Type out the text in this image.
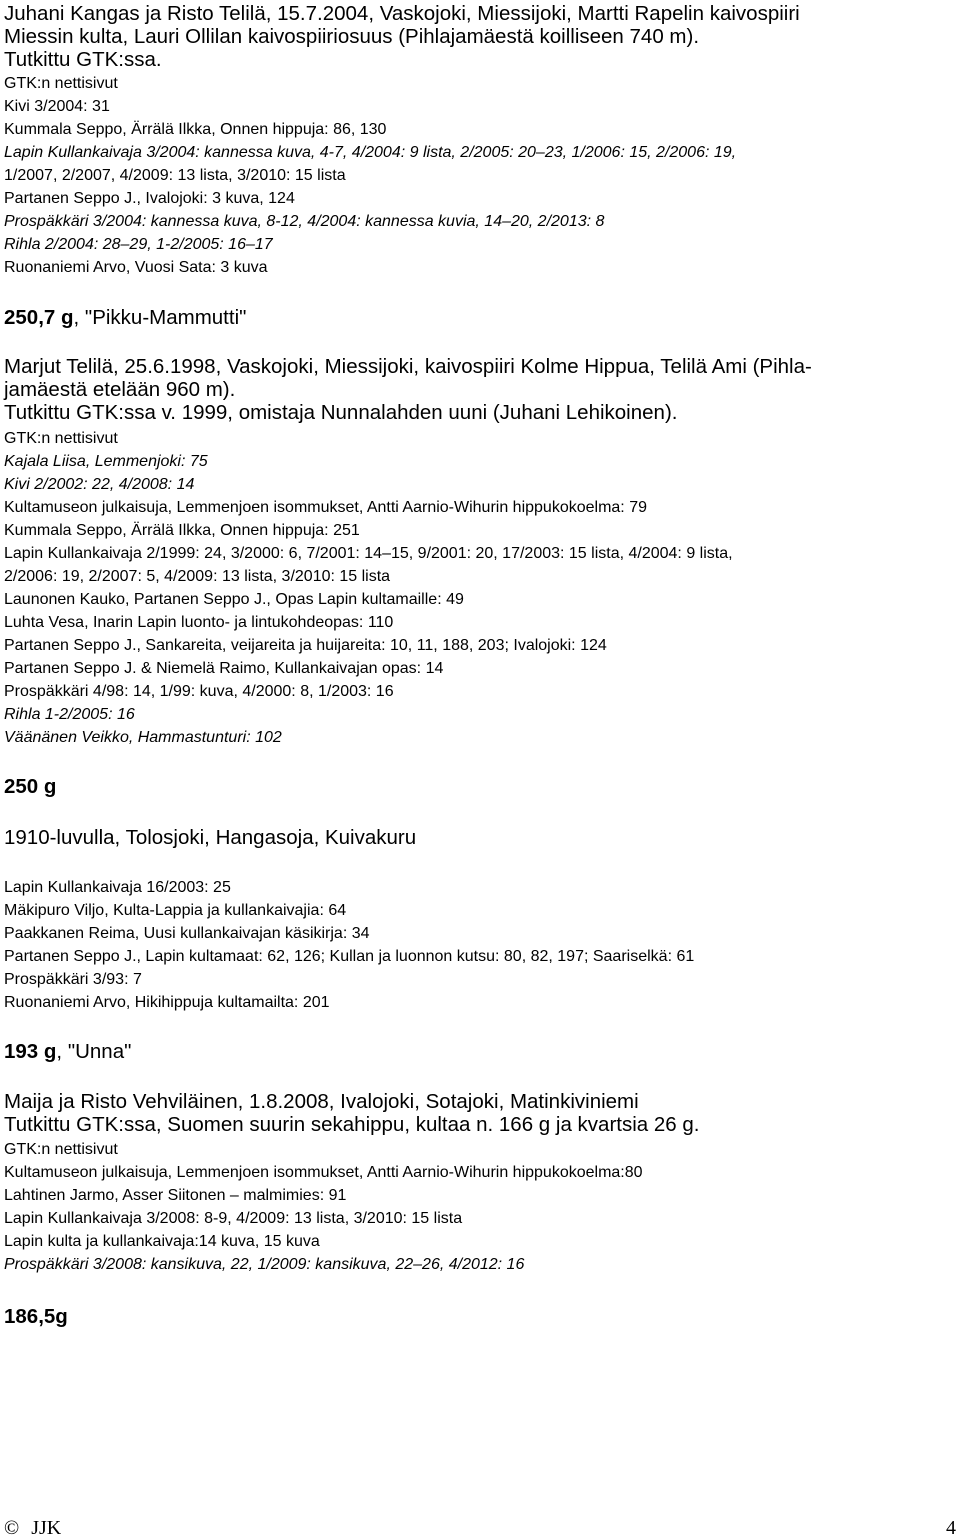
Juhani Kangas ja Risto Telilä, 15.7.2004, Vaskojoki, Miessijoki, Martti Rapelin kaivospiiri

Miessin kulta, Lauri Ollilan kaivospiiriosuus (Pihlajamäestä koilliseen 740 m).

Tutkittu GTK:ssa.

GTK:n nettisivut

Kivi 3/2004: 31

Kummala Seppo, Ärrälä Ilkka, Onnen hippuja: 86, 130

Lapin Kullankaivaja 3/2004: kannessa kuva, 4-7, 4/2004: 9 lista, 2/2005: 20–23, 1/2006: 15, 2/2006: 19,

1/2007, 2/2007, 4/2009: 13 lista, 3/2010: 15 lista

Partanen Seppo J., Ivalojoki: 3 kuva, 124

Prospäkkäri 3/2004: kannessa kuva, 8-12, 4/2004: kannessa kuvia, 14–20, 2/2013: 8

Rihla 2/2004: 28–29, 1-2/2005: 16–17

Ruonaniemi Arvo, Vuosi Sata: 3 kuva

250,7 g, "Pikku-Mammutti"

Marjut Telilä, 25.6.1998, Vaskojoki, Miessijoki, kaivospiiri Kolme Hippua, Telilä Ami (Pihla-

jamäestä etelään 960 m).

Tutkittu GTK:ssa v. 1999, omistaja Nunnalahden uuni (Juhani Lehikoinen).

GTK:n nettisivut

Kajala Liisa, Lemmenjoki: 75

Kivi 2/2002: 22, 4/2008: 14

Kultamuseon julkaisuja, Lemmenjoen isommukset, Antti Aarnio-Wihurin hippukokoelma: 79

Kummala Seppo, Ärrälä Ilkka, Onnen hippuja: 251

Lapin Kullankaivaja 2/1999: 24, 3/2000: 6, 7/2001: 14–15, 9/2001: 20, 17/2003: 15 lista, 4/2004: 9 lista,

2/2006: 19, 2/2007: 5, 4/2009: 13 lista, 3/2010: 15 lista

Launonen Kauko, Partanen Seppo J., Opas Lapin kultamaille: 49

Luhta Vesa, Inarin Lapin luonto- ja lintukohdeopas: 110

Partanen Seppo J., Sankareita, veijareita ja huijareita: 10, 11, 188, 203; Ivalojoki: 124

Partanen Seppo J. & Niemelä Raimo, Kullankaivajan opas: 14

Prospäkkäri 4/98: 14, 1/99: kuva, 4/2000: 8, 1/2003: 16

Rihla 1-2/2005: 16

Väänänen Veikko, Hammastunturi: 102

250 g

1910-luvulla, Tolosjoki, Hangasoja, Kuivakuru

Lapin Kullankaivaja 16/2003: 25

Mäkipuro Viljo, Kulta-Lappia ja kullankaivajia: 64

Paakkanen Reima, Uusi kullankaivajan käsikirja: 34

Partanen Seppo J., Lapin kultamaat: 62, 126; Kullan ja luonnon kutsu: 80, 82, 197; Saariselkä: 61

Prospäkkäri 3/93: 7

Ruonaniemi Arvo, Hikihippuja kultamailta: 201

193 g, "Unna"

Maija ja Risto Vehviläinen, 1.8.2008, Ivalojoki, Sotajoki, Matinkiviniemi

Tutkittu GTK:ssa, Suomen suurin sekahippu, kultaa n. 166 g ja kvartsia 26 g.

GTK:n nettisivut

Kultamuseon julkaisuja, Lemmenjoen isommukset, Antti Aarnio-Wihurin hippukokoelma:80

Lahtinen Jarmo, Asser Siitonen – malmimies: 91

Lapin Kullankaivaja 3/2008: 8-9, 4/2009: 13 lista, 3/2010: 15 lista

Lapin kulta ja kullankaivaja:14 kuva, 15 kuva

Prospäkkäri 3/2008: kansikuva, 22, 1/2009: kansikuva, 22–26, 4/2012: 16

186,5g

© JJK	4
